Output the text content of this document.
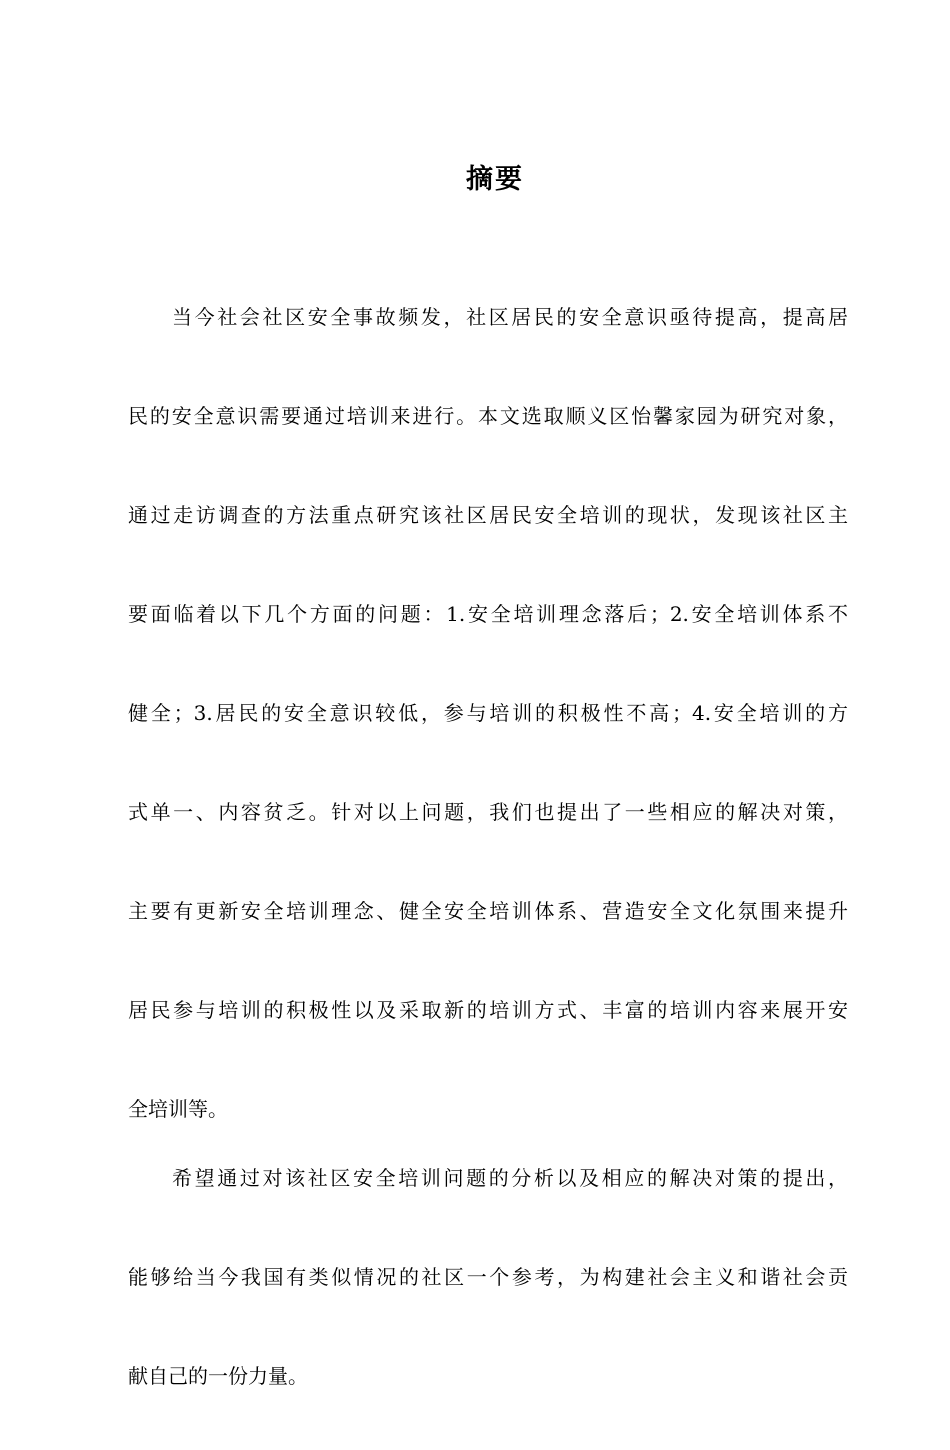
摘要
当今社会社区安全事故频发，社区居民的安全意识亟待提高，提高居
民的安全意识需要通过培训来进行。本文选取顺义区怡馨家园为研究对象，
通过走访调查的方法重点研究该社区居民安全培训的现状，发现该社区主
要面临着以下几个方面的问题：1.安全培训理念落后；2.安全培训体系不
健全；3.居民的安全意识较低，参与培训的积极性不高；4.安全培训的方
式单一、内容贫乏。针对以上问题，我们也提出了一些相应的解决对策，
主要有更新安全培训理念、健全安全培训体系、营造安全文化氛围来提升
居民参与培训的积极性以及采取新的培训方式、丰富的培训内容来展开安
全培训等。
希望通过对该社区安全培训问题的分析以及相应的解决对策的提出，
能够给当今我国有类似情况的社区一个参考，为构建社会主义和谐社会贡
献自己的一份力量。
